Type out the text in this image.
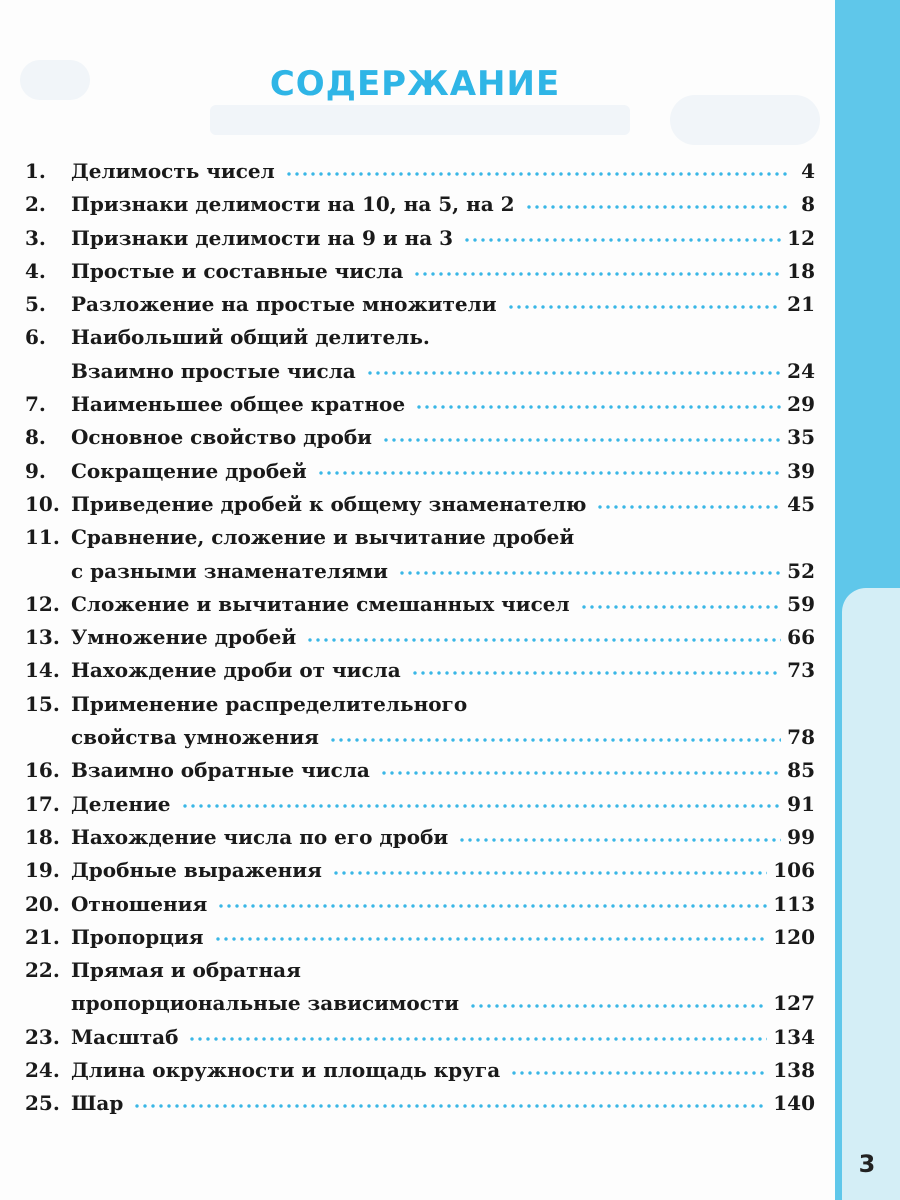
3
СОДЕРЖАНИЕ
1.	Делимость чисел	4
2.	Признаки делимости на 10, на 5, на 2	8
3.	Признаки делимости на 9 и на 3	12
4.	Простые и составные числа	18
5.	Разложение на простые множители	21
6.	Наибольший общий делитель.
Взаимно простые числа	24
7.	Наименьшее общее кратное	29
8.	Основное свойство дроби	35
9.	Сокращение дробей	39
10. Приведение дробей к общему знаменателю	45
11. Сравнение, сложение и вычитание дробей
с разными знаменателями	52
12. Сложение и вычитание смешанных чисел	59
13. Умножение дробей	66
14. Нахождение дроби от числа	73
15. Применение распределительного
свойства умножения	78
16. Взаимно обратные числа	85
17. Деление	91
18. Нахождение числа по его дроби	99
19. Дробные выражения	106
20. Отношения	113
21. Пропорция	120
22. Прямая и обратная
пропорциональные зависимости	127
23. Масштаб	134
24. Длина окружности и площадь круга	138
25. Шар	140
